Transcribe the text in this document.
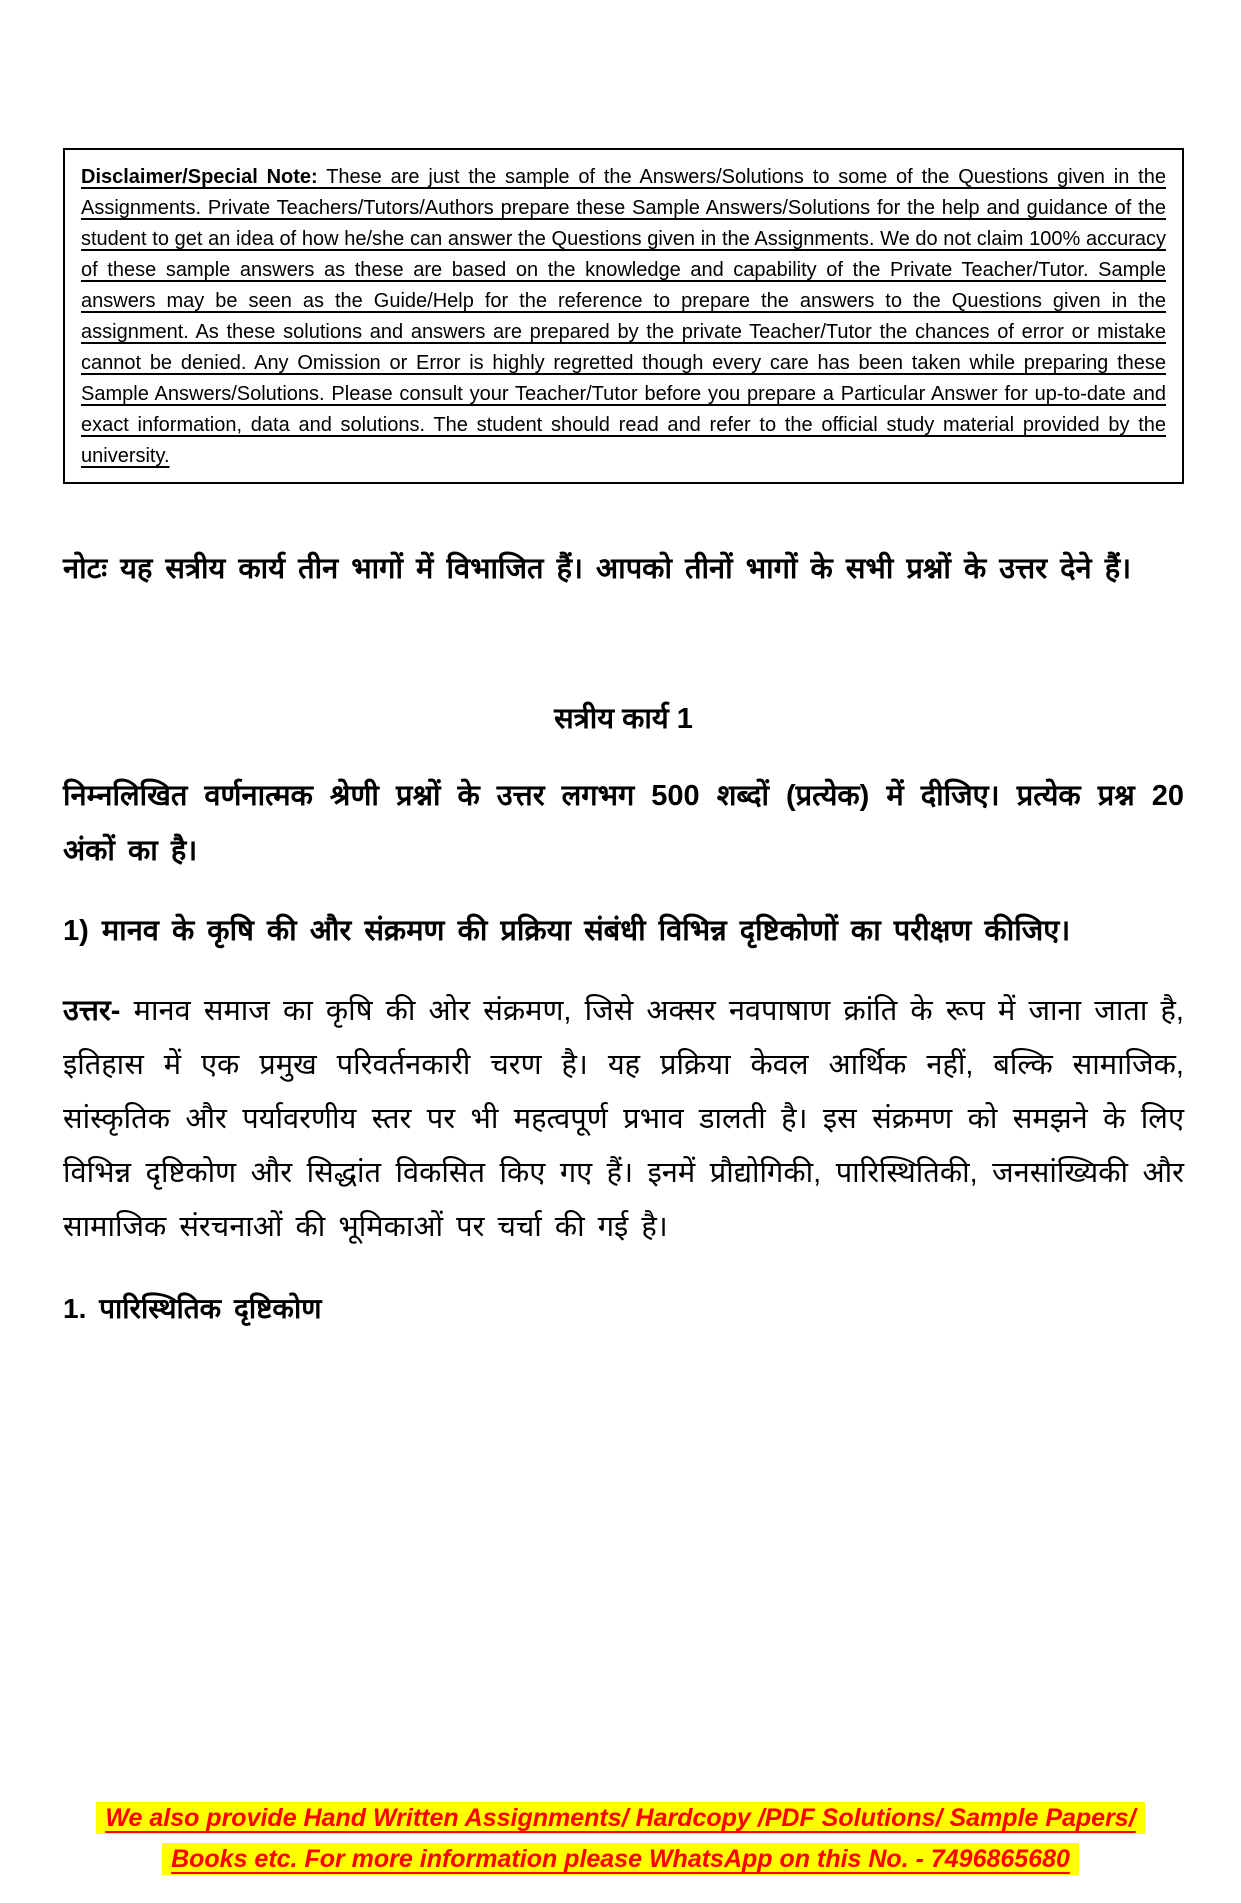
Disclaimer/Special Note: These are just the sample of the Answers/Solutions to some of the Questions given in the Assignments. Private Teachers/Tutors/Authors prepare these Sample Answers/Solutions for the help and guidance of the student to get an idea of how he/she can answer the Questions given in the Assignments. We do not claim 100% accuracy of these sample answers as these are based on the knowledge and capability of the Private Teacher/Tutor. Sample answers may be seen as the Guide/Help for the reference to prepare the answers to the Questions given in the assignment. As these solutions and answers are prepared by the private Teacher/Tutor the chances of error or mistake cannot be denied. Any Omission or Error is highly regretted though every care has been taken while preparing these Sample Answers/Solutions. Please consult your Teacher/Tutor before you prepare a Particular Answer for up-to-date and exact information, data and solutions. The student should read and refer to the official study material provided by the university.

नोटः यह सत्रीय कार्य तीन भागों में विभाजित हैं। आपको तीनों भागों के सभी प्रश्नों के उत्तर देने हैं।

सत्रीय कार्य 1

निम्नलिखित वर्णनात्मक श्रेणी प्रश्नों के उत्तर लगभग 500 शब्दों (प्रत्येक) में दीजिए। प्रत्येक प्रश्न 20 अंकों का है।

1) मानव के कृषि की और संक्रमण की प्रक्रिया संबंधी विभिन्न दृष्टिकोणों का परीक्षण कीजिए।

उत्तर- मानव समाज का कृषि की ओर संक्रमण, जिसे अक्सर नवपाषाण क्रांति के रूप में जाना जाता है, इतिहास में एक प्रमुख परिवर्तनकारी चरण है। यह प्रक्रिया केवल आर्थिक नहीं, बल्कि सामाजिक, सांस्कृतिक और पर्यावरणीय स्तर पर भी महत्वपूर्ण प्रभाव डालती है। इस संक्रमण को समझने के लिए विभिन्न दृष्टिकोण और सिद्धांत विकसित किए गए हैं। इनमें प्रौद्योगिकी, पारिस्थितिकी, जनसांख्यिकी और सामाजिक संरचनाओं की भूमिकाओं पर चर्चा की गई है।

1. पारिस्थितिक दृष्टिकोण

We also provide Hand Written Assignments/ Hardcopy /PDF Solutions/ Sample Papers/
Books etc. For more information please WhatsApp on this No. - 7496865680
